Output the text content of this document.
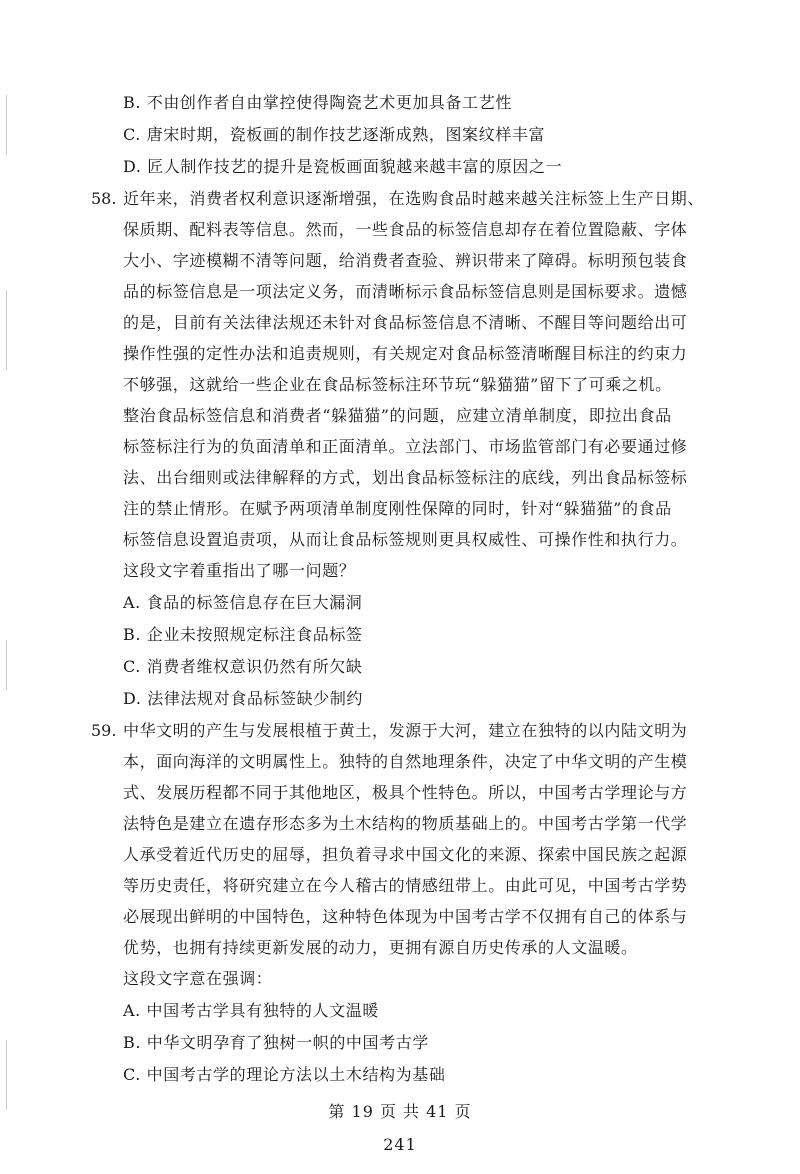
B. 不由创作者自由掌控使得陶瓷艺术更加具备工艺性
C. 唐宋时期，瓷板画的制作技艺逐渐成熟，图案纹样丰富
D. 匠人制作技艺的提升是瓷板画面貌越来越丰富的原因之一
58. 近年来，消费者权利意识逐渐增强，在选购食品时越来越关注标签上生产日期、
保质期、配料表等信息。然而，一些食品的标签信息却存在着位置隐蔽、字体
大小、字迹模糊不清等问题，给消费者查验、辨识带来了障碍。标明预包装食
品的标签信息是一项法定义务，而清晰标示食品标签信息则是国标要求。遗憾
的是，目前有关法律法规还未针对食品标签信息不清晰、不醒目等问题给出可
操作性强的定性办法和追责规则，有关规定对食品标签清晰醒目标注的约束力
不够强，这就给一些企业在食品标签标注环节玩“躲猫猫”留下了可乘之机。
整治食品标签信息和消费者“躲猫猫”的问题，应建立清单制度，即拉出食品
标签标注行为的负面清单和正面清单。立法部门、市场监管部门有必要通过修
法、出台细则或法律解释的方式，划出食品标签标注的底线，列出食品标签标
注的禁止情形。在赋予两项清单制度刚性保障的同时，针对“躲猫猫”的食品
标签信息设置追责项，从而让食品标签规则更具权威性、可操作性和执行力。
这段文字着重指出了哪一问题？
A. 食品的标签信息存在巨大漏洞
B. 企业未按照规定标注食品标签
C. 消费者维权意识仍然有所欠缺
D. 法律法规对食品标签缺少制约
59. 中华文明的产生与发展根植于黄土，发源于大河，建立在独特的以内陆文明为
本，面向海洋的文明属性上。独特的自然地理条件，决定了中华文明的产生模
式、发展历程都不同于其他地区，极具个性特色。所以，中国考古学理论与方
法特色是建立在遗存形态多为土木结构的物质基础上的。中国考古学第一代学
人承受着近代历史的屈辱，担负着寻求中国文化的来源、探索中国民族之起源
等历史责任，将研究建立在今人稽古的情感纽带上。由此可见，中国考古学势
必展现出鲜明的中国特色，这种特色体现为中国考古学不仅拥有自己的体系与
优势，也拥有持续更新发展的动力，更拥有源自历史传承的人文温暖。
这段文字意在强调：
A. 中国考古学具有独特的人文温暖
B. 中华文明孕育了独树一帜的中国考古学
C. 中国考古学的理论方法以土木结构为基础
第 19 页 共 41 页
241
